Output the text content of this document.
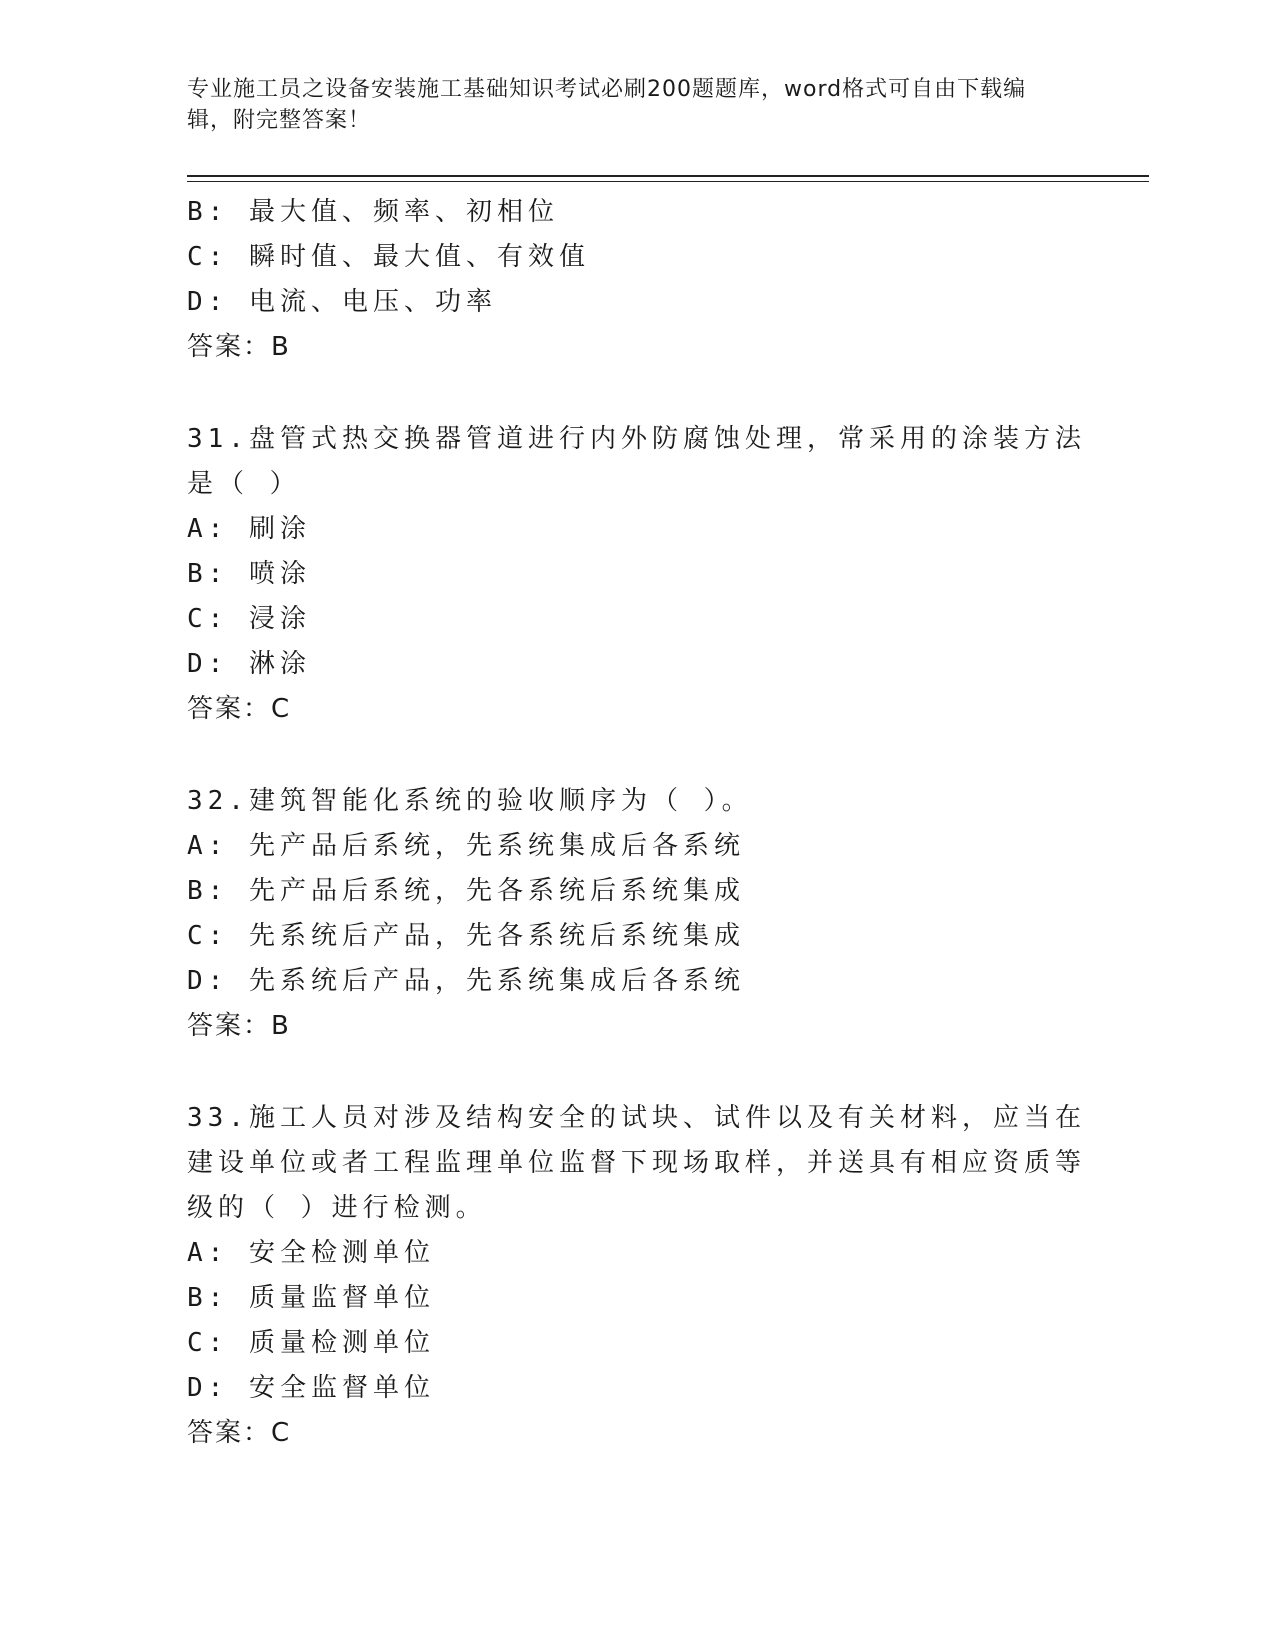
专业施工员之设备安装施工基础知识考试必刷200题题库，word格式可自由下载编辑，附完整答案！
B: 最大值、频率、初相位
C: 瞬时值、最大值、有效值
D: 电流、电压、功率
答案：B
31.盘管式热交换器管道进行内外防腐蚀处理，常采用的涂装方法是（ ）
A: 刷涂
B: 喷涂
C: 浸涂
D: 淋涂
答案：C
32.建筑智能化系统的验收顺序为（ ）。
A: 先产品后系统，先系统集成后各系统
B: 先产品后系统，先各系统后系统集成
C: 先系统后产品，先各系统后系统集成
D: 先系统后产品，先系统集成后各系统
答案：B
33.施工人员对涉及结构安全的试块、试件以及有关材料，应当在建设单位或者工程监理单位监督下现场取样，并送具有相应资质等级的（ ）进行检测。
A: 安全检测单位
B: 质量监督单位
C: 质量检测单位
D: 安全监督单位
答案：C
